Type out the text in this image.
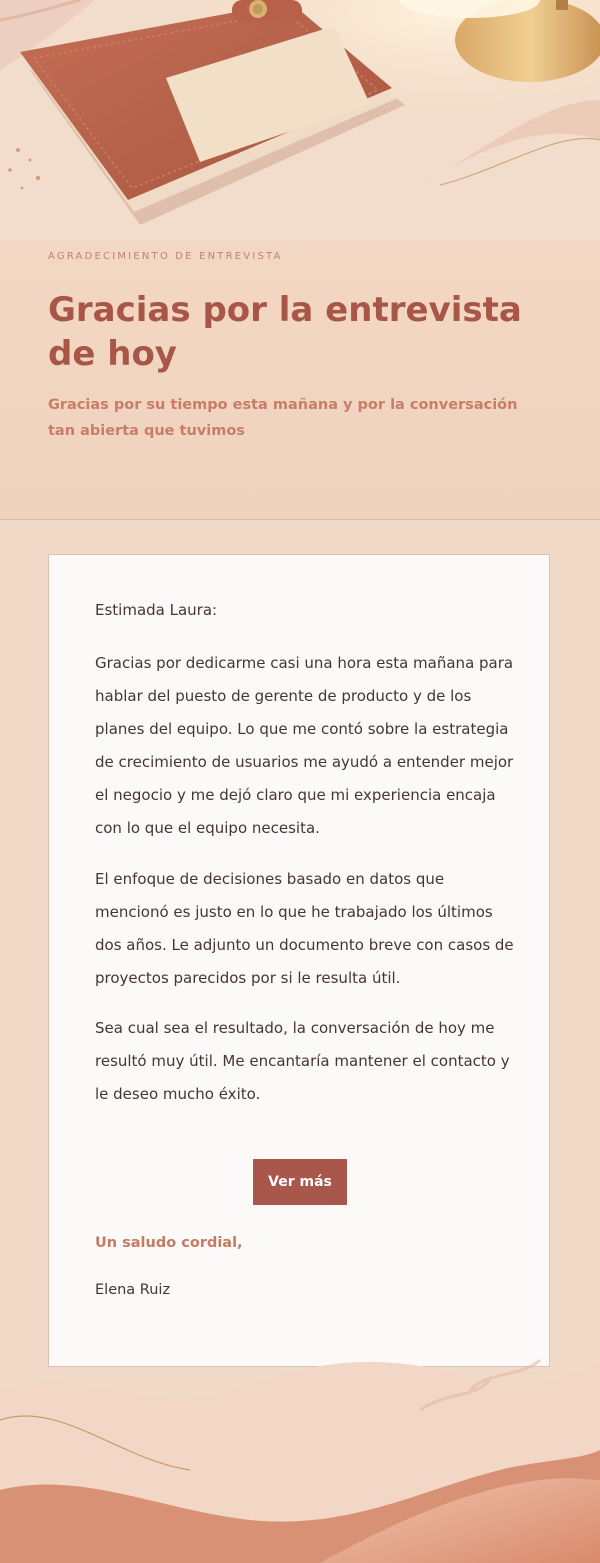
AGRADECIMIENTO DE ENTREVISTA
Gracias por la entrevista de hoy

Gracias por su tiempo esta mañana y por la conversación tan abierta que tuvimos

Estimada Laura:

Gracias por dedicarme casi una hora esta mañana para hablar del puesto de gerente de producto y de los planes del equipo. Lo que me contó sobre la estrategia de crecimiento de usuarios me ayudó a entender mejor el negocio y me dejó claro que mi experiencia encaja con lo que el equipo necesita.

El enfoque de decisiones basado en datos que mencionó es justo en lo que he trabajado los últimos dos años. Le adjunto un documento breve con casos de proyectos parecidos por si le resulta útil.

Sea cual sea el resultado, la conversación de hoy me resultó muy útil. Me encantaría mantener el contacto y le deseo mucho éxito.

Ver más
Un saludo cordial,
Elena Ruiz
